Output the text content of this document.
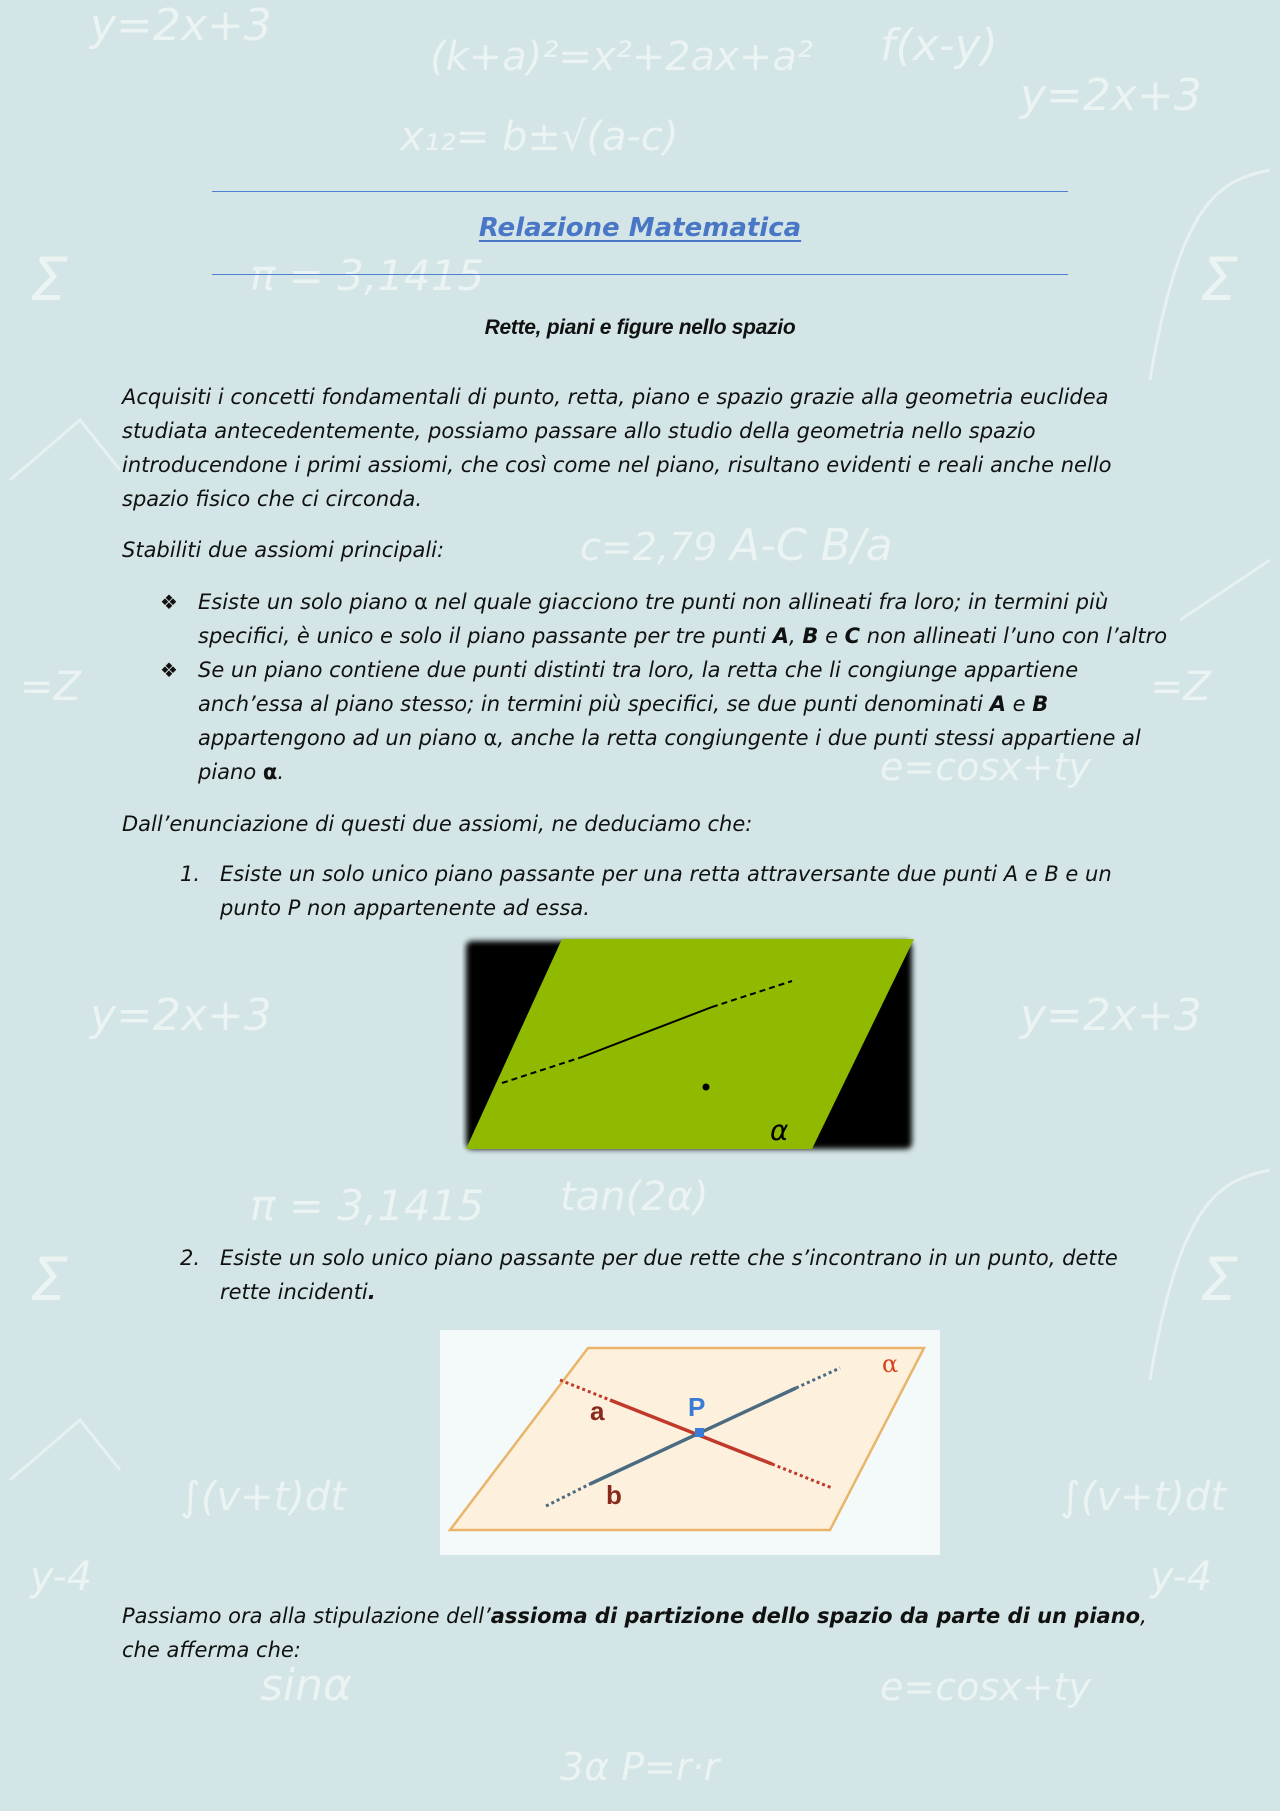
y=2x+3
(k+a)²=x²+2ax+a² f(x-y)
y=2x+3
x₁₂= b±√(a-c)
Σ	Σ
π = 3,1415
c=2,79 A-C B/a
=Z	=Z
e=cosx+ty
y=2x+3	y=2x+3
π = 3,1415 tan(2α)
Σ	Σ
∫(v+t)dt	∫(v+t)dt
sinα	e=cosx+ty
3α P=r·r
y-4	y-4
Relazione Matematica
Rette, piani e figure nello spazio
Acquisiti i concetti fondamentali di punto, retta, piano e spazio grazie alla geometria euclidea studiata antecedentemente, possiamo passare allo studio della geometria nello spazio introducendone i primi assiomi, che così come nel piano, risultano evidenti e reali anche nello spazio fisico che ci circonda.
Stabiliti due assiomi principali:
❖ Esiste un solo piano α nel quale giacciono tre punti non allineati fra loro; in termini più specifici, è unico e solo il piano passante per tre punti A, B e C non allineati l’uno con l’altro
❖ Se un piano contiene due punti distinti tra loro, la retta che li congiunge appartiene anch’essa al piano stesso; in termini più specifici, se due punti denominati A e B appartengono ad un piano α, anche la retta congiungente i due punti stessi appartiene al piano α.
Dall’enunciazione di questi due assiomi, ne deduciamo che:
1. Esiste un solo unico piano passante per una retta attraversante due punti A e B e un punto P non appartenente ad essa.
α
2. Esiste un solo unico piano passante per due rette che s’incontrano in un punto, dette rette incidenti.
P
a
b
α
Passiamo ora alla stipulazione dell’assioma di partizione dello spazio da parte di un piano, che afferma che:
